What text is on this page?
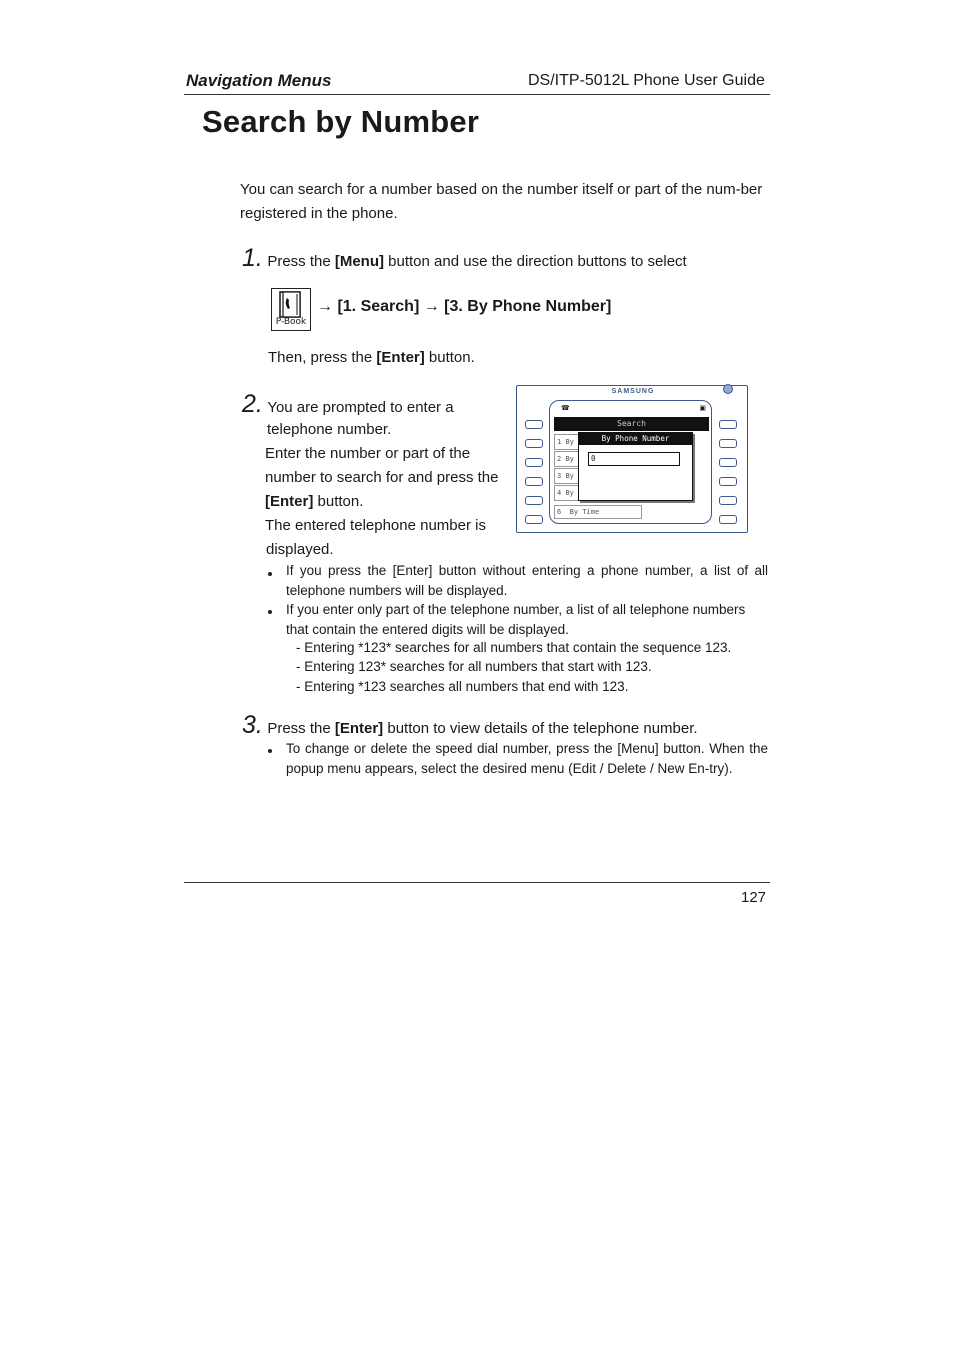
Navigation Menus	DS/ITP-5012L Phone User Guide
Search by Number
You can search for a number based on the number itself or part of the num-ber registered in the phone.
1. Press the [Menu] button and use the direction buttons to select
P-Book
→ [1. Search] → [3. By Phone Number]
Then, press the [Enter] button.
2. You are prompted to enter a
telephone number.
Enter the number or part of the
number to search for and press the
[Enter] button.
The entered telephone number is
displayed.
SAMSUNG
☎	▣
Search
1 By
2 By
3 By
4 By
6 By Time
By Phone Number
0
If you press the [Enter] button without entering a phone number, a list of all telephone numbers will be displayed.
If you enter only part of the telephone number, a list of all telephone numbers that contain the entered digits will be displayed.
- Entering *123* searches for all numbers that contain the sequence 123.
- Entering 123* searches for all numbers that start with 123.
- Entering *123 searches all numbers that end with 123.
3. Press the [Enter] button to view details of the telephone number.
To change or delete the speed dial number, press the [Menu] button. When the popup menu appears, select the desired menu (Edit / Delete / New En-try).
127
